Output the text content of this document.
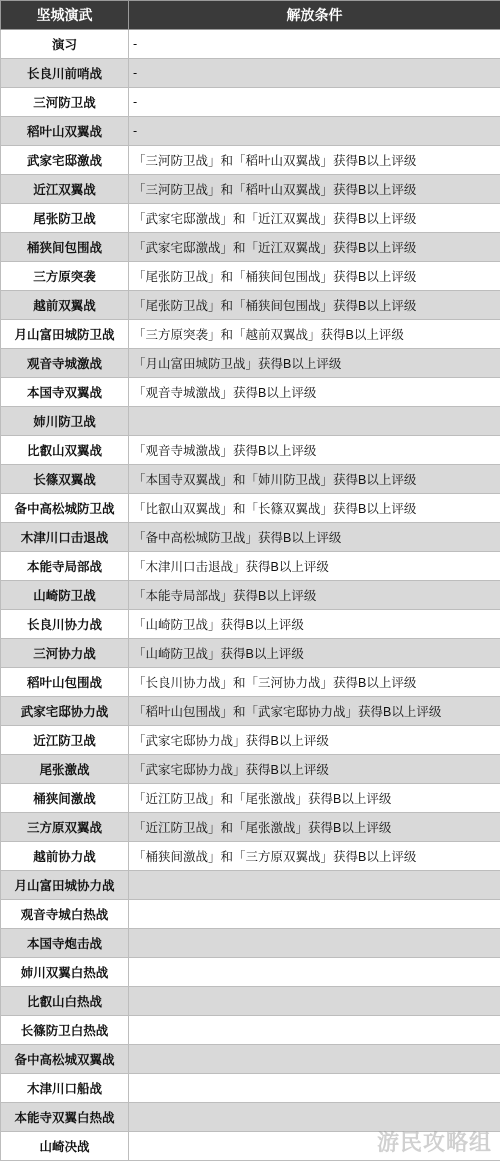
坚城演武	解放条件
演习	-
长良川前哨战	-
三河防卫战	-
稻叶山双翼战	-
武家宅邸激战	「三河防卫战」和「稻叶山双翼战」获得B以上评级
近江双翼战	「三河防卫战」和「稻叶山双翼战」获得B以上评级
尾张防卫战	「武家宅邸激战」和「近江双翼战」获得B以上评级
桶狭间包围战	「武家宅邸激战」和「近江双翼战」获得B以上评级
三方原突袭	「尾张防卫战」和「桶狭间包围战」获得B以上评级
越前双翼战	「尾张防卫战」和「桶狭间包围战」获得B以上评级
月山富田城防卫战	「三方原突袭」和「越前双翼战」获得B以上评级
观音寺城激战	「月山富田城防卫战」获得B以上评级
本国寺双翼战	「观音寺城激战」获得B以上评级
姉川防卫战	
比叡山双翼战	「观音寺城激战」获得B以上评级
长篠双翼战	「本国寺双翼战」和「姉川防卫战」获得B以上评级
备中高松城防卫战	「比叡山双翼战」和「长篠双翼战」获得B以上评级
木津川口击退战	「备中高松城防卫战」获得B以上评级
本能寺局部战	「木津川口击退战」获得B以上评级
山崎防卫战	「本能寺局部战」获得B以上评级
长良川协力战	「山崎防卫战」获得B以上评级
三河协力战	「山崎防卫战」获得B以上评级
稻叶山包围战	「长良川协力战」和「三河协力战」获得B以上评级
武家宅邸协力战	「稻叶山包围战」和「武家宅邸协力战」获得B以上评级
近江防卫战	「武家宅邸协力战」获得B以上评级
尾张激战	「武家宅邸协力战」获得B以上评级
桶狭间激战	「近江防卫战」和「尾张激战」获得B以上评级
三方原双翼战	「近江防卫战」和「尾张激战」获得B以上评级
越前协力战	「桶狭间激战」和「三方原双翼战」获得B以上评级
月山富田城协力战	
观音寺城白热战	
本国寺炮击战	
姉川双翼白热战	
比叡山白热战	
长篠防卫白热战	
备中高松城双翼战	
木津川口船战	
本能寺双翼白热战	
山崎决战		游民攻略组
